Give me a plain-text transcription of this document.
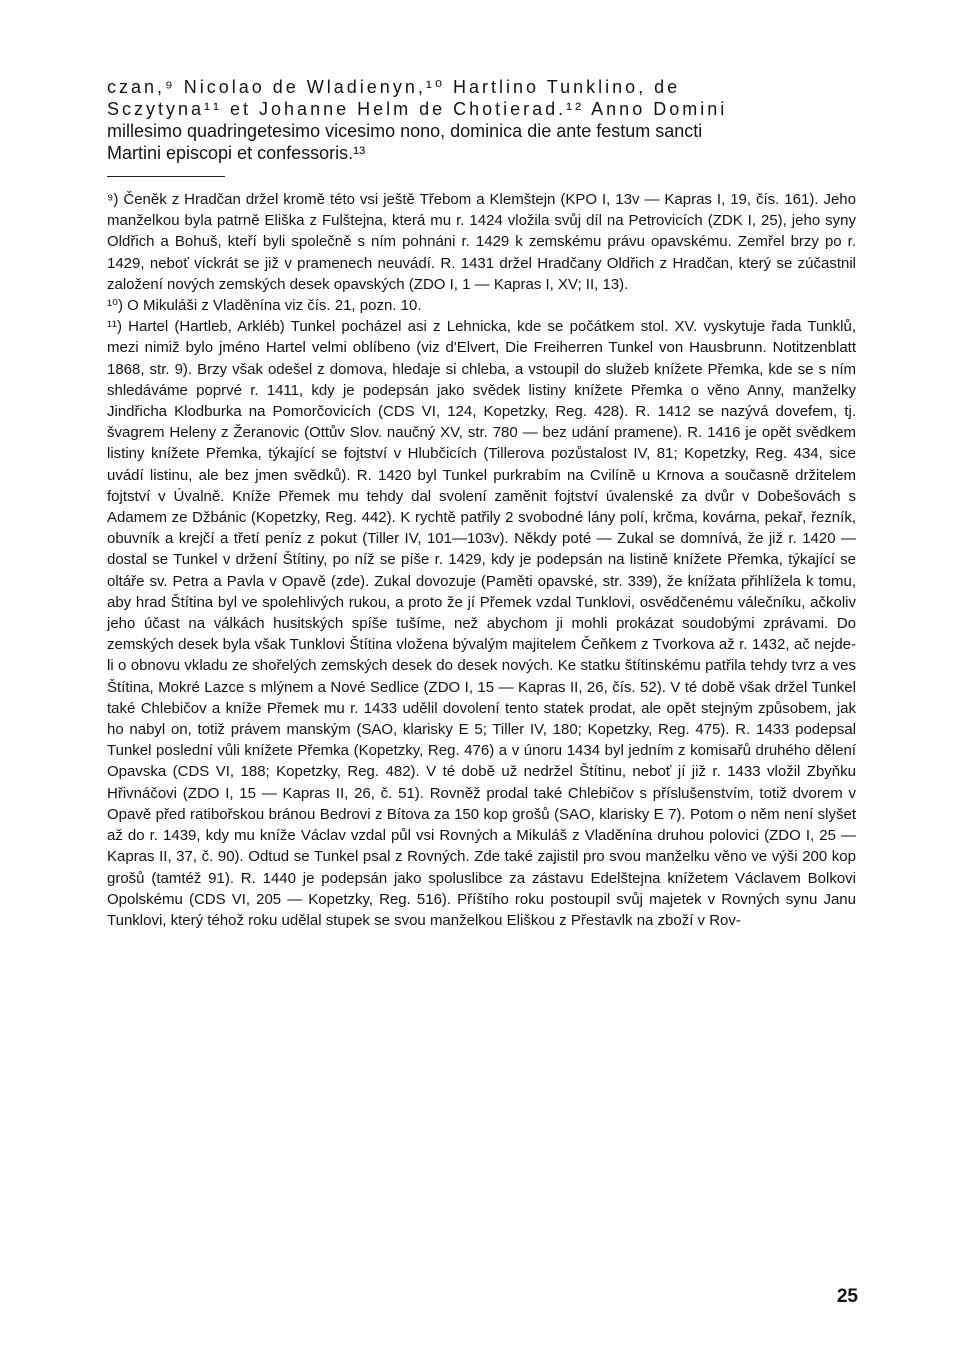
czan,⁹ Nicolao de Wladienyn,¹⁰ Hartlino Tunklino, de
Sczytyna¹¹ et Johanne Helm de Chotierad.¹² Anno Domini
millesimo quadringetesimo vicesimo nono, dominica die ante festum sancti
Martini episcopi et confessoris.¹³

⁹) Čeněk z Hradčan držel kromě této vsi ještě Třebom a Klemštejn (KPO I, 13v — Kapras I, 19, čís. 161). Jeho manželkou byla patrně Eliška z Fulštejna, která mu r. 1424 vložila svůj díl na Petrovicích (ZDK I, 25), jeho syny Oldřich a Bohuš, kteří byli společně s ním pohnáni r. 1429 k zemskému právu opavskému. Zemřel brzy po r. 1429, neboť víckrát se již v pramenech neuvádí. R. 1431 držel Hradčany Oldřich z Hradčan, který se zúčastnil založení nových zemských desek opavských (ZDO I, 1 — Kapras I, XV; II, 13).

¹⁰) O Mikuláši z Vladěnína viz čís. 21, pozn. 10.

¹¹) Hartel (Hartleb, Arkléb) Tunkel pocházel asi z Lehnicka, kde se počátkem stol. XV. vyskytuje řada Tunklů, mezi nimiž bylo jméno Hartel velmi oblíbeno (viz d'Elvert, Die Freiherren Tunkel von Hausbrunn. Notitzenblatt 1868, str. 9). Brzy však odešel z domova, hledaje si chleba, a vstoupil do služeb knížete Přemka, kde se s ním shledáváme poprvé r. 1411, kdy je podepsán jako svědek listiny knížete Přemka o věno Anny, manželky Jindřicha Klodburka na Pomorčovicích (CDS VI, 124, Kopetzky, Reg. 428). R. 1412 se nazývá dovefem, tj. švagrem Heleny z Žeranovic (Ottův Slov. naučný XV, str. 780 — bez udání pramene). R. 1416 je opět svědkem listiny knížete Přemka, týkající se fojtství v Hlubčicích (Tillerova pozůstalost IV, 81; Kopetzky, Reg. 434, sice uvádí listinu, ale bez jmen svědků). R. 1420 byl Tunkel purkrabím na Cvilíně u Krnova a současně držitelem fojtství v Úvalně. Kníže Přemek mu tehdy dal svolení zaměnit fojtství úvalenské za dvůr v Dobešovách s Adamem ze Džbánic (Kopetzky, Reg. 442). K rychtě patřily 2 svobodné lány polí, krčma, kovárna, pekař, řezník, obuvník a krejčí a třetí peníz z pokut (Tiller IV, 101—103v). Někdy poté — Zukal se domnívá, že již r. 1420 — dostal se Tunkel v držení Štítiny, po níž se píše r. 1429, kdy je podepsán na listině knížete Přemka, týkající se oltáře sv. Petra a Pavla v Opavě (zde). Zukal dovozuje (Paměti opavské, str. 339), že knížata přihlížela k tomu, aby hrad Štítina byl ve spolehlivých rukou, a proto že jí Přemek vzdal Tunklovi, osvědčenému válečníku, ačkoliv jeho účast na válkách husitských spíše tušíme, než abychom ji mohli prokázat soudobými zprávami. Do zemských desek byla však Tunklovi Štítina vložena bývalým majitelem Čeňkem z Tvorkova až r. 1432, ač nejde-li o obnovu vkladu ze shořelých zemských desek do desek nových. Ke statku štítinskému patřila tehdy tvrz a ves Štítina, Mokré Lazce s mlýnem a Nové Sedlice (ZDO I, 15 — Kapras II, 26, čís. 52). V té době však držel Tunkel také Chlebičov a kníže Přemek mu r. 1433 udělil dovolení tento statek prodat, ale opět stejným způsobem, jak ho nabyl on, totiž právem manským (SAO, klarisky E 5; Tiller IV, 180; Kopetzky, Reg. 475). R. 1433 podepsal Tunkel poslední vůli knížete Přemka (Kopetzky, Reg. 476) a v únoru 1434 byl jedním z komisařů druhého dělení Opavska (CDS VI, 188; Kopetzky, Reg. 482). V té době už nedržel Štítinu, neboť jí již r. 1433 vložil Zbyňku Hřivnáčovi (ZDO I, 15 — Kapras II, 26, č. 51). Rovněž prodal také Chlebičov s příslušenstvím, totiž dvorem v Opavě před ratibořskou bránou Bedrovi z Bítova za 150 kop grošů (SAO, klarisky E 7). Potom o něm není slyšet až do r. 1439, kdy mu kníže Václav vzdal půl vsi Rovných a Mikuláš z Vladěnína druhou polovici (ZDO I, 25 — Kapras II, 37, č. 90). Odtud se Tunkel psal z Rovných. Zde také zajistil pro svou manželku věno ve výši 200 kop grošů (tamtéž 91). R. 1440 je podepsán jako spoluslibce za zástavu Edelštejna knížetem Václavem Bolkovi Opolskému (CDS VI, 205 — Kopetzky, Reg. 516). Příštího roku postoupil svůj majetek v Rovných synu Janu Tunklovi, který téhož roku udělal stupek se svou manželkou Eliškou z Přestavlk na zboží v Rov-

25
